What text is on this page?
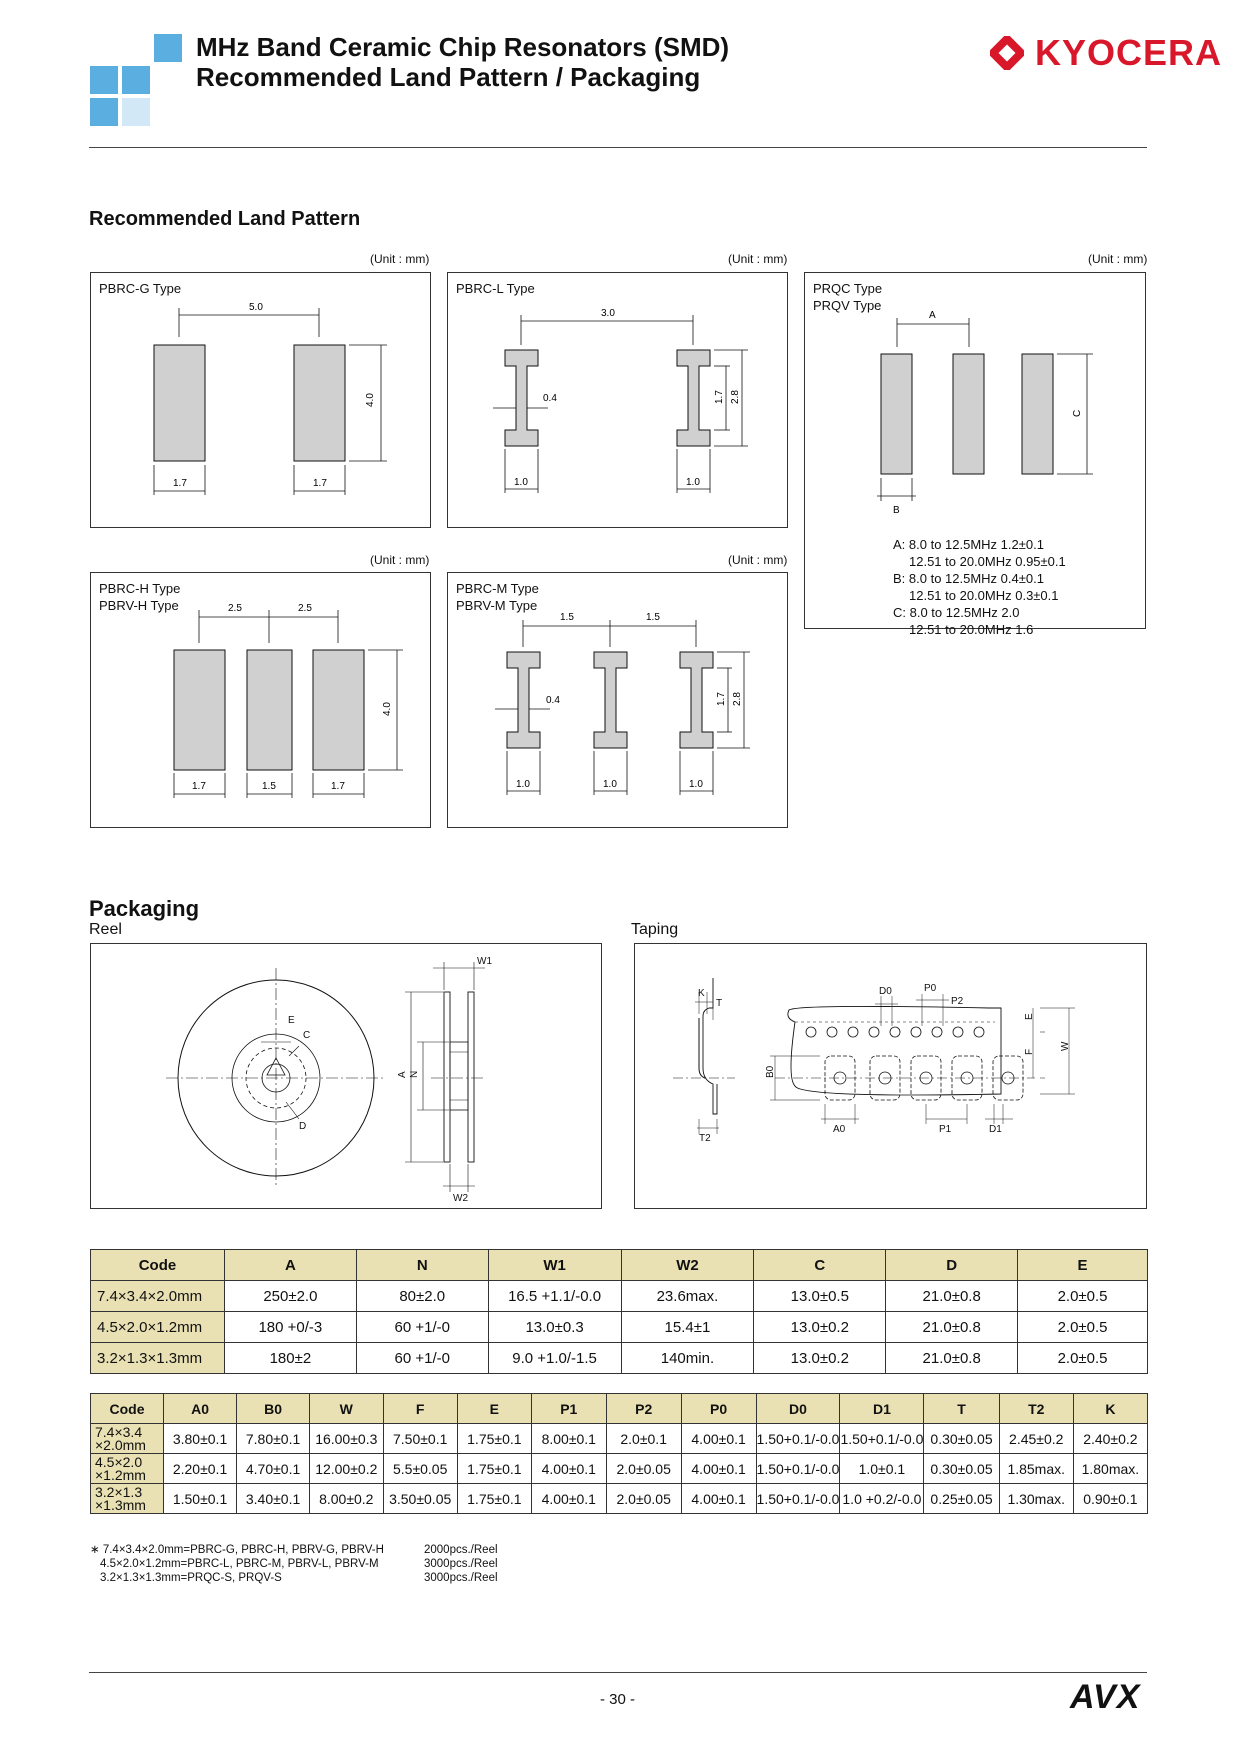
MHz Band Ceramic Chip Resonators (SMD)
Recommended Land Pattern / Packaging
KYOCERA
Recommended Land Pattern
(Unit : mm)	(Unit : mm)	(Unit : mm)
(Unit : mm)	(Unit : mm)
PBRC-G Type
5.0
4.0
1.7	1.7
PBRC-L Type
3.0
0.4	1.7 2.8
1.0	1.0
PRQC Type
PRQV Type
A
C
B
A: 8.0 to 12.5MHz 1.2±0.1
12.51 to 20.0MHz 0.95±0.1
B: 8.0 to 12.5MHz 0.4±0.1
12.51 to 20.0MHz 0.3±0.1
C: 8.0 to 12.5MHz 2.0
12.51 to 20.0MHz 1.6
PBRC-H Type
PBRV-H Type	2.5	2.5
4.0
1.7	1.5	1.7
PBRC-M Type
PBRV-M Type
1.5	1.5
0.4	1.7 2.8
1.0	1.0	1.0
Packaging
Reel	Taping
E
C
D
A N
W1
W2
K
T
T2
B0
A0	P1	D1
D0	P0
P2
E
F
W
Code	A	N	W1	W2	C	D	E
7.4×3.4×2.0mm	250±2.0	80±2.0	16.5 +1.1/-0.0	23.6max.	13.0±0.5	21.0±0.8	2.0±0.5
4.5×2.0×1.2mm	180 +0/-3	60 +1/-0	13.0±0.3	15.4±1	13.0±0.2	21.0±0.8	2.0±0.5
3.2×1.3×1.3mm	180±2	60 +1/-0	9.0 +1.0/-1.5	140min.	13.0±0.2	21.0±0.8	2.0±0.5
Code	A0	B0	W	F	E	P1	P2	P0	D0	D1	T	T2	K
7.4×3.4 ×2.0mm	3.80±0.1	7.80±0.1	16.00±0.3	7.50±0.1	1.75±0.1	8.00±0.1	2.0±0.1	4.00±0.1	1.50+0.1/-0.0	1.50+0.1/-0.0	0.30±0.05	2.45±0.2	2.40±0.2
4.5×2.0 ×1.2mm	2.20±0.1	4.70±0.1	12.00±0.2	5.5±0.05	1.75±0.1	4.00±0.1	2.0±0.05	4.00±0.1	1.50+0.1/-0.0	1.0±0.1	0.30±0.05	1.85max.	1.80max.
3.2×1.3 ×1.3mm	1.50±0.1	3.40±0.1	8.00±0.2	3.50±0.05	1.75±0.1	4.00±0.1	2.0±0.05	4.00±0.1	1.50+0.1/-0.0	1.0 +0.2/-0.0	0.25±0.05	1.30max.	0.90±0.1
∗ 7.4×3.4×2.0mm=PBRC-G, PBRC-H, PBRV-G, PBRV-H	2000pcs./Reel
4.5×2.0×1.2mm=PBRC-L, PBRC-M, PBRV-L, PBRV-M	3000pcs./Reel
3.2×1.3×1.3mm=PRQC-S, PRQV-S	3000pcs./Reel
- 30 -	AVX
